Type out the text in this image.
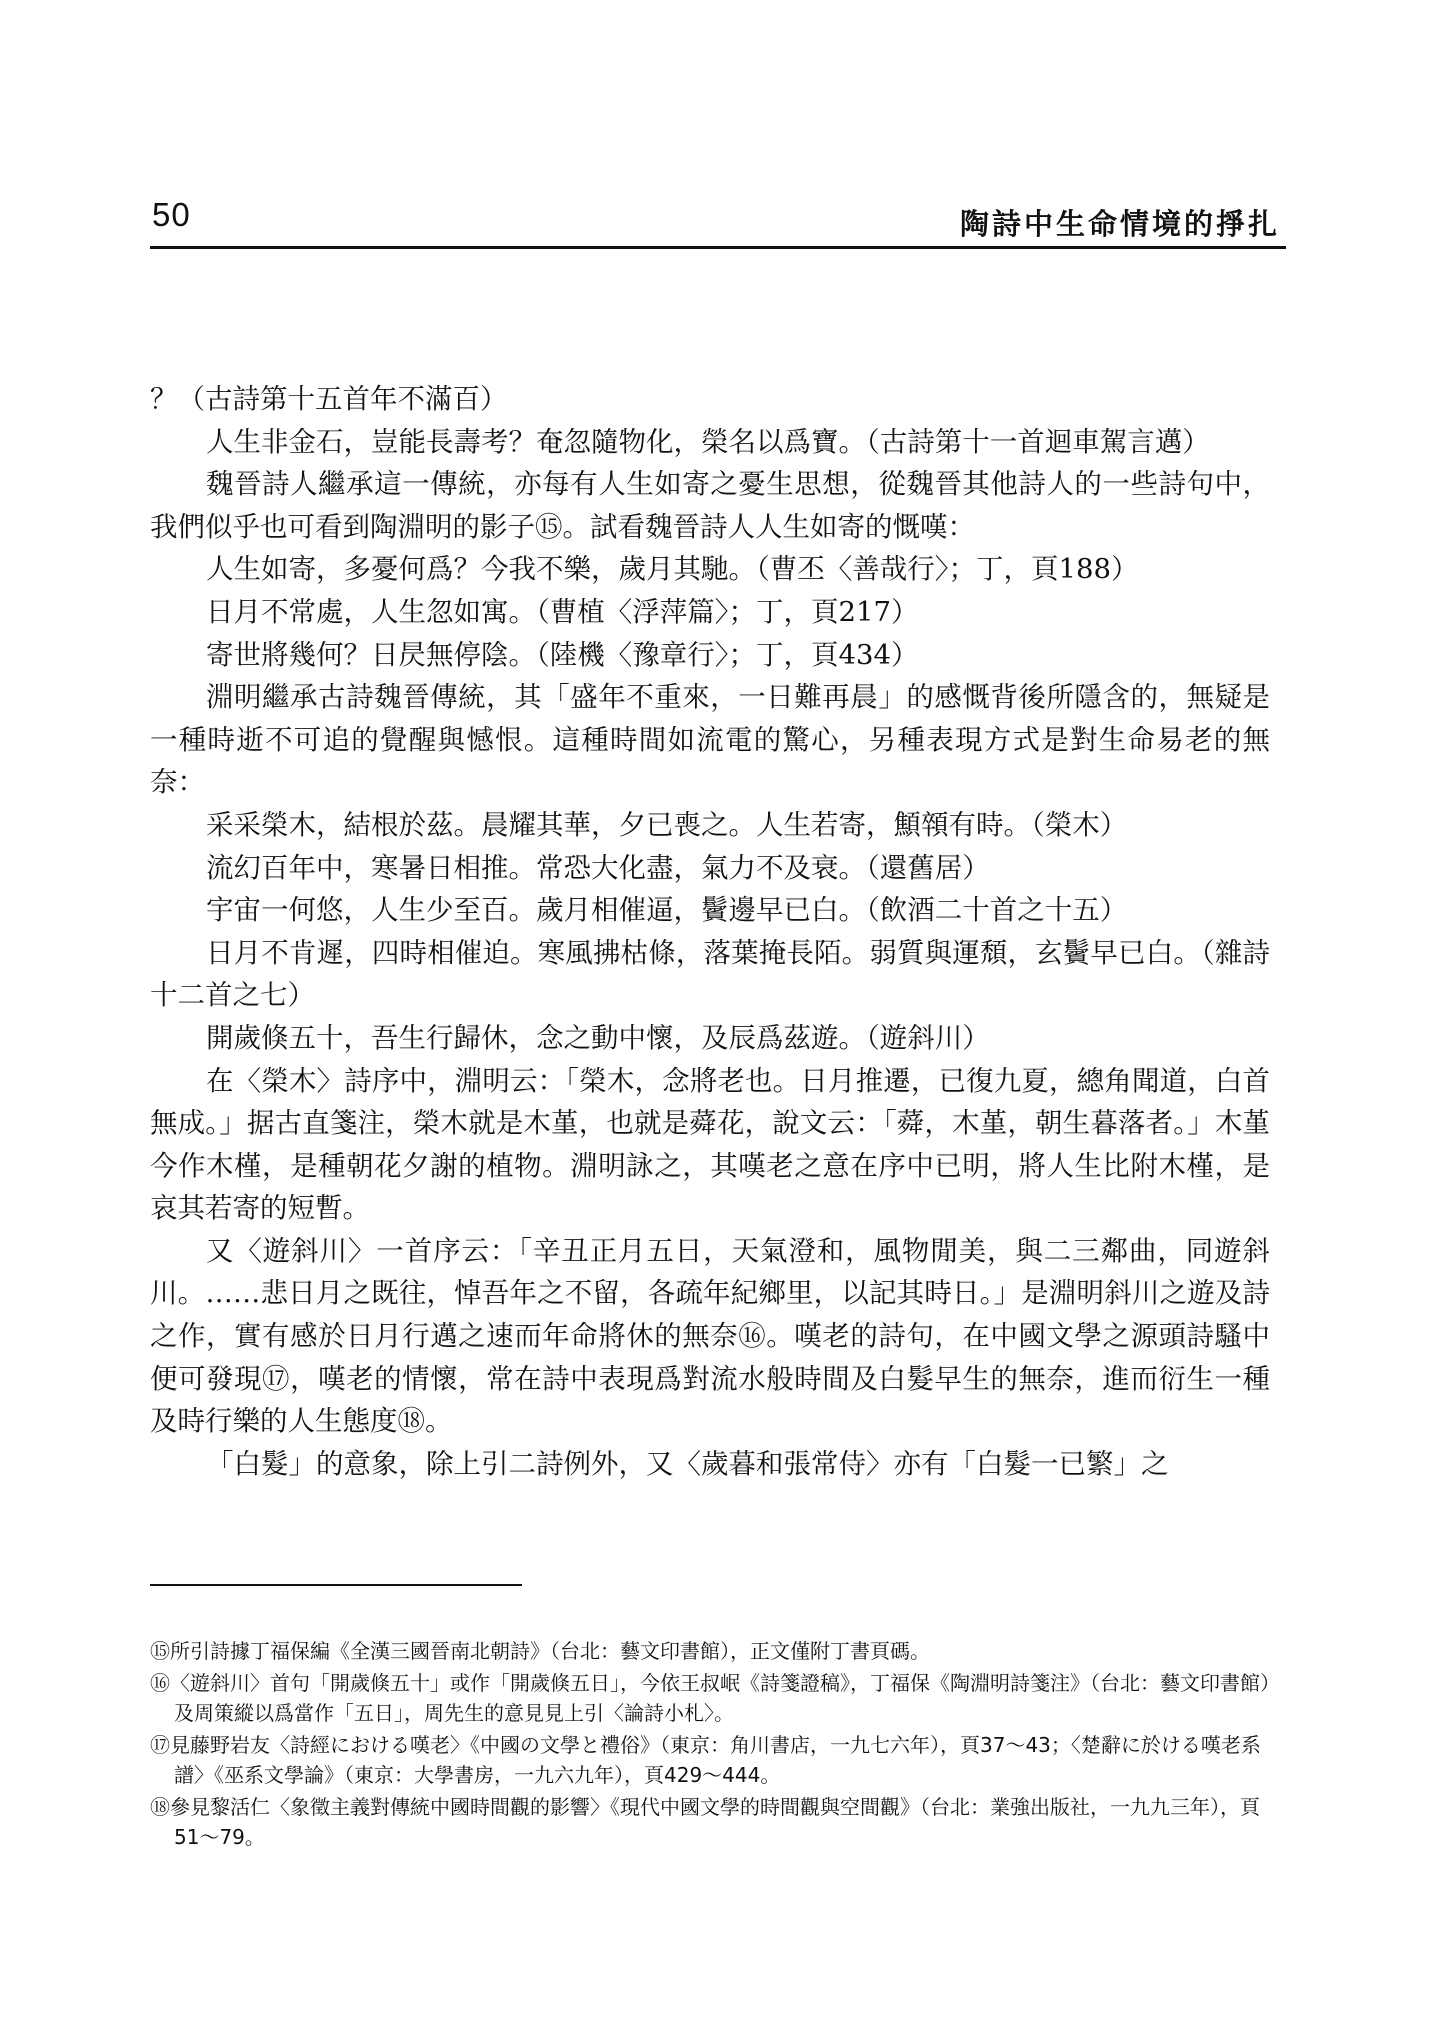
50	陶詩中生命情境的掙扎

？（古詩第十五首年不滿百）

人生非金石，豈能長壽考？奄忽隨物化，榮名以爲寶。（古詩第十一首迴車駕言邁）

魏晉詩人繼承這一傳統，亦每有人生如寄之憂生思想，從魏晉其他詩人的一些詩句中，我們似乎也可看到陶淵明的影子⑮。試看魏晉詩人人生如寄的慨嘆：

人生如寄，多憂何爲？今我不樂，歲月其馳。（曹丕〈善哉行〉；丁，頁188）

日月不常處，人生忽如寓。（曹植〈浮萍篇〉；丁，頁217）

寄世將幾何？日昃無停陰。（陸機〈豫章行〉；丁，頁434）

淵明繼承古詩魏晉傳統，其「盛年不重來，一日難再晨」的感慨背後所隱含的，無疑是一種時逝不可追的覺醒與憾恨。這種時間如流電的驚心，另種表現方式是對生命易老的無奈：

采采榮木，結根於茲。晨耀其華，夕已喪之。人生若寄，顦顇有時。（榮木）

流幻百年中，寒暑日相推。常恐大化盡，氣力不及衰。（還舊居）

宇宙一何悠，人生少至百。歲月相催逼，鬢邊早已白。（飲酒二十首之十五）

日月不肯遲，四時相催迫。寒風拂枯條，落葉掩長陌。弱質與運頹，玄鬢早已白。（雜詩十二首之七）

開歲倏五十，吾生行歸休，念之動中懷，及辰爲茲遊。（遊斜川）

在〈榮木〉詩序中，淵明云：「榮木，念將老也。日月推遷，已復九夏，總角聞道，白首無成。」据古直箋注，榮木就是木堇，也就是蕣花，說文云：「蕣，木堇，朝生暮落者。」木堇今作木槿，是種朝花夕謝的植物。淵明詠之，其嘆老之意在序中已明，將人生比附木槿，是哀其若寄的短暫。

又〈遊斜川〉一首序云：「辛丑正月五日，天氣澄和，風物閒美，與二三鄰曲，同遊斜川。……悲日月之既往，悼吾年之不留，各疏年紀鄉里，以記其時日。」是淵明斜川之遊及詩之作，實有感於日月行邁之速而年命將休的無奈⑯。嘆老的詩句，在中國文學之源頭詩騷中便可發現⑰，嘆老的情懷，常在詩中表現爲對流水般時間及白髮早生的無奈，進而衍生一種及時行樂的人生態度⑱。

「白髮」的意象，除上引二詩例外，又〈歲暮和張常侍〉亦有「白髮一已繁」之

⑮所引詩據丁福保編《全漢三國晉南北朝詩》（台北：藝文印書館），正文僅附丁書頁碼。

⑯〈遊斜川〉首句「開歲倏五十」或作「開歲倏五日」，今依王叔岷《詩箋證稿》，丁福保《陶淵明詩箋注》（台北：藝文印書館）及周策縱以爲當作「五日」，周先生的意見見上引〈論詩小札〉。

⑰見藤野岩友〈詩經における嘆老〉《中國の文學と禮俗》（東京：角川書店，一九七六年），頁37～43；〈楚辭に於ける嘆老系譜〉《巫系文學論》（東京：大學書房，一九六九年），頁429～444。

⑱參見黎活仁〈象徵主義對傳統中國時間觀的影響〉《現代中國文學的時間觀與空間觀》（台北：業強出版社，一九九三年），頁51～79。
